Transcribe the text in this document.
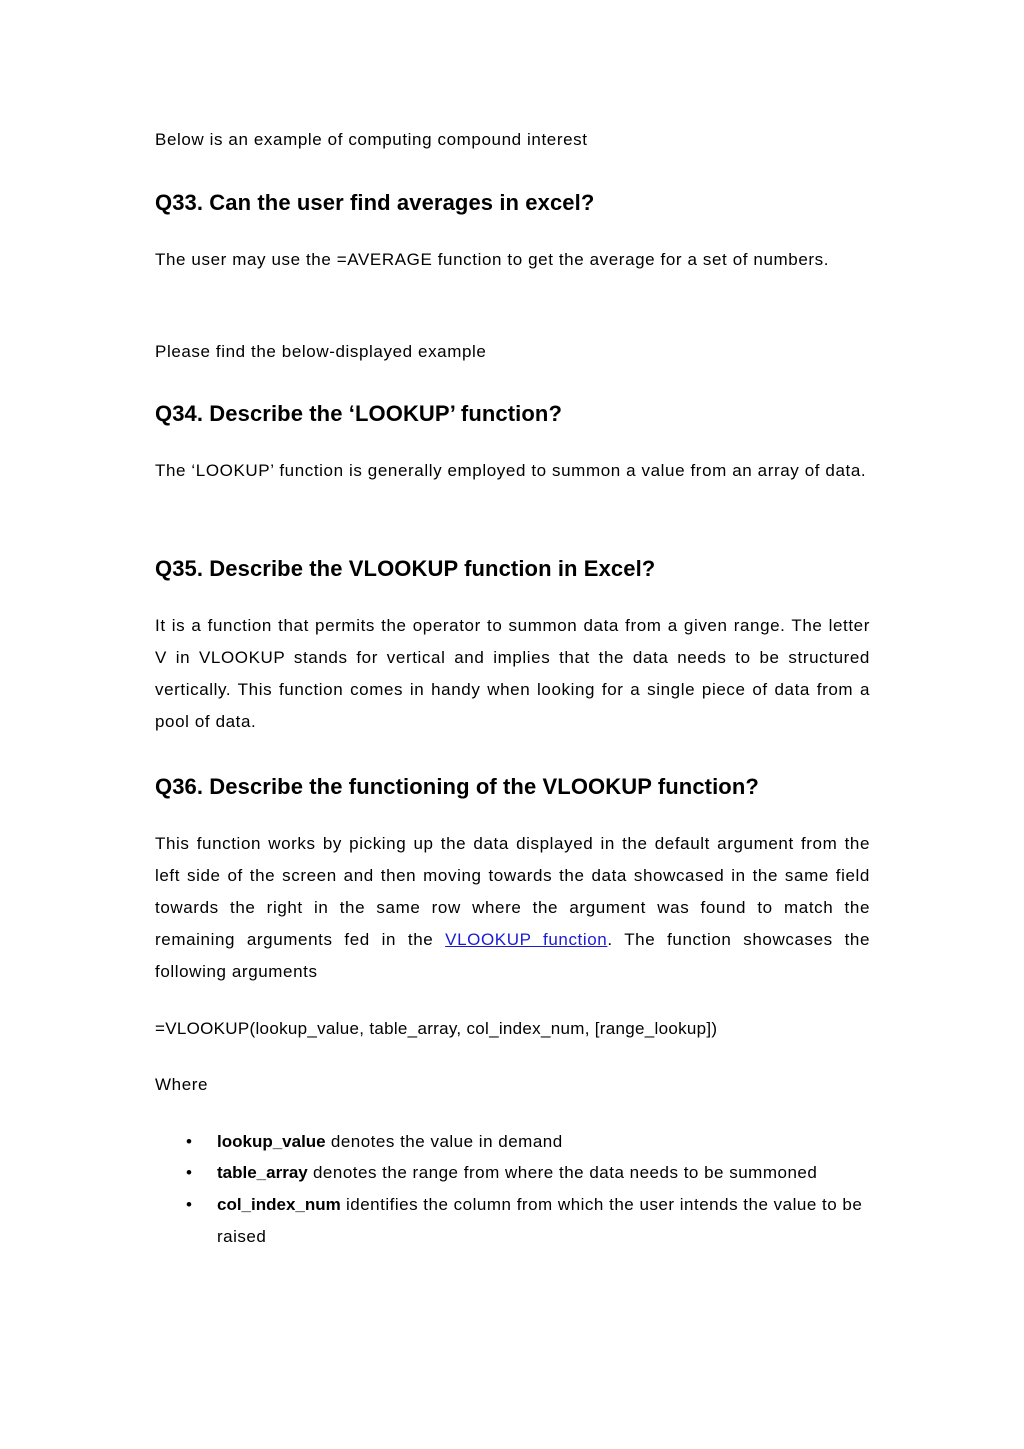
Below is an example of computing compound interest

Q33. Can the user find averages in excel?

The user may use the =AVERAGE function to get the average for a set of numbers.

Please find the below-displayed example

Q34. Describe the ‘LOOKUP’ function?

The ‘LOOKUP’ function is generally employed to summon a value from an array of data.

Q35. Describe the VLOOKUP function in Excel?

It is a function that permits the operator to summon data from a given range. The letter V in VLOOKUP stands for vertical and implies that the data needs to be structured vertically. This function comes in handy when looking for a single piece of data from a pool of data.

Q36. Describe the functioning of the VLOOKUP function?

This function works by picking up the data displayed in the default argument from the left side of the screen and then moving towards the data showcased in the same field towards the right in the same row where the argument was found to match the remaining arguments fed in the VLOOKUP function. The function showcases the following arguments

=VLOOKUP(lookup_value, table_array, col_index_num, [range_lookup])

Where

• lookup_value denotes the value in demand
• table_array denotes the range from where the data needs to be summoned
• col_index_num identifies the column from which the user intends the value to be raised
